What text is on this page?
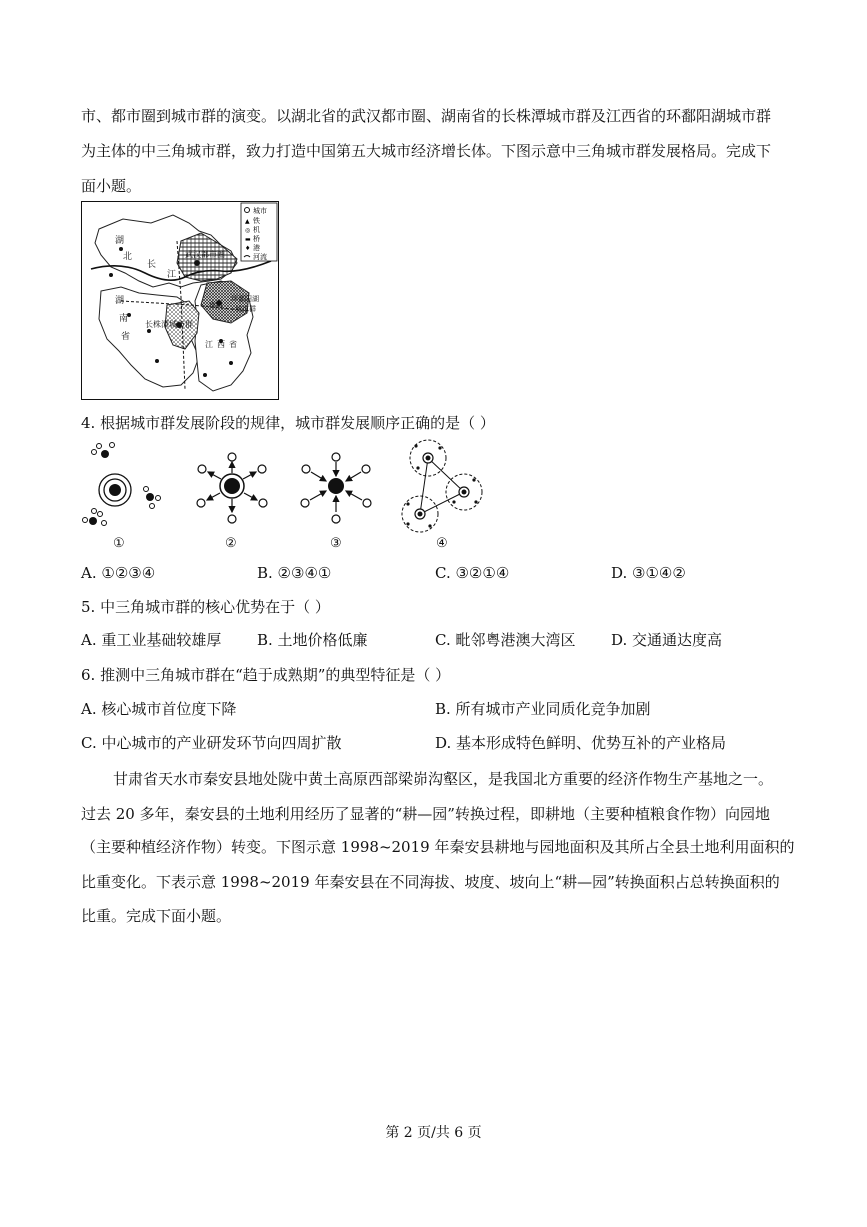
市、都市圈到城市群的演变。以湖北省的武汉都市圈、湖南省的长株潭城市群及江西省的环鄱阳湖城市群
为主体的中三角城市群，致力打造中国第五大城市经济增长体。下图示意中三角城市群发展格局。完成下
面小题。
城市
▲ 铁
◎ 机
▬ 桥
♦ 港
河流
湖
北
长
江
武汉都市圈
环鄱阳湖
城市群
南昌
长株潭城市群
湖
南
省
江 西 省
4. 根据城市群发展阶段的规律，城市群发展顺序正确的是（ ）
①	②	③	④
A. ①②③④	B. ②③④①	C. ③②①④	D. ③①④②
5. 中三角城市群的核心优势在于（ ）
A. 重工业基础较雄厚 B. 土地价格低廉	C. 毗邻粤港澳大湾区 D. 交通通达度高
6. 推测中三角城市群在“趋于成熟期”的典型特征是（ ）
A. 核心城市首位度下降	B. 所有城市产业同质化竞争加剧
C. 中心城市的产业研发环节向四周扩散	D. 基本形成特色鲜明、优势互补的产业格局
甘肃省天水市秦安县地处陇中黄土高原西部梁峁沟壑区，是我国北方重要的经济作物生产基地之一。
过去 20 多年，秦安县的土地利用经历了显著的“耕—园”转换过程，即耕地（主要种植粮食作物）向园地
（主要种植经济作物）转变。下图示意 1998~2019 年秦安县耕地与园地面积及其所占全县土地利用面积的
比重变化。下表示意 1998~2019 年秦安县在不同海拔、坡度、坡向上“耕—园”转换面积占总转换面积的
比重。完成下面小题。
第 2 页/共 6 页
